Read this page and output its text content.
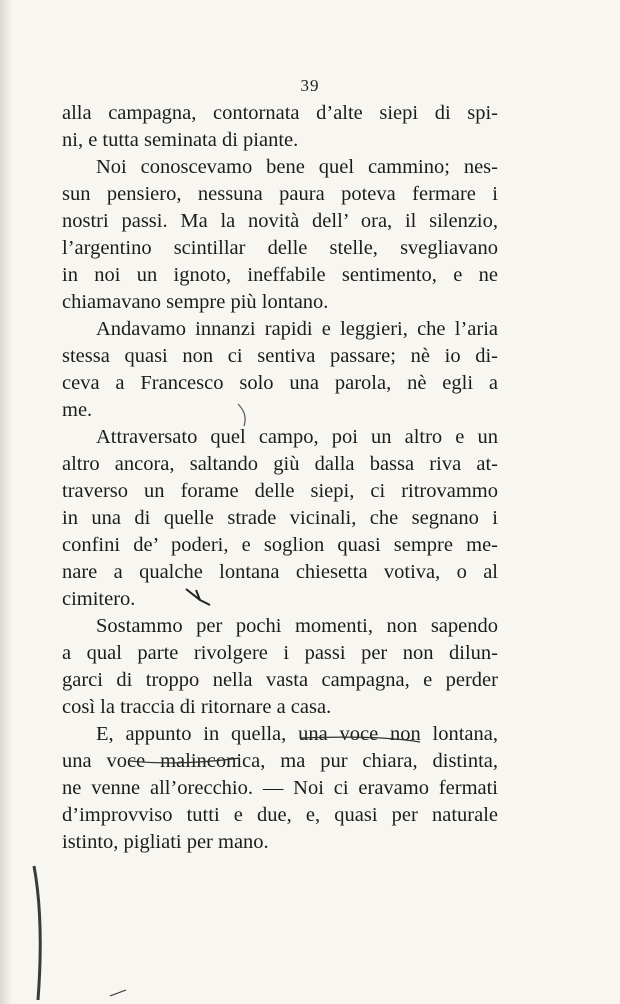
39
alla campagna, contornata d’alte siepi di spi-
ni, e tutta seminata di piante.
Noi conoscevamo bene quel cammino; nes-
sun pensiero, nessuna paura poteva fermare i
nostri passi. Ma la novità dell’ ora, il silenzio,
l’argentino scintillar delle stelle, svegliavano
in noi un ignoto, ineffabile sentimento, e ne
chiamavano sempre più lontano.
Andavamo innanzi rapidi e leggieri, che l’aria
stessa quasi non ci sentiva passare; nè io di-
ceva a Francesco solo una parola, nè egli a
me.
Attraversato quel campo, poi un altro e un
altro ancora, saltando giù dalla bassa riva at-
traverso un forame delle siepi, ci ritrovammo
in una di quelle strade vicinali, che segnano i
confini de’ poderi, e soglion quasi sempre me-
nare a qualche lontana chiesetta votiva, o al
cimitero.
Sostammo per pochi momenti, non sapendo
a qual parte rivolgere i passi per non dilun-
garci di troppo nella vasta campagna, e perder
così la traccia di ritornare a casa.
E, appunto in quella, una voce non lontana,
una voce malinconica, ma pur chiara, distinta,
ne venne all’orecchio. — Noi ci eravamo fermati
d’improvviso tutti e due, e, quasi per naturale
istinto, pigliati per mano.
